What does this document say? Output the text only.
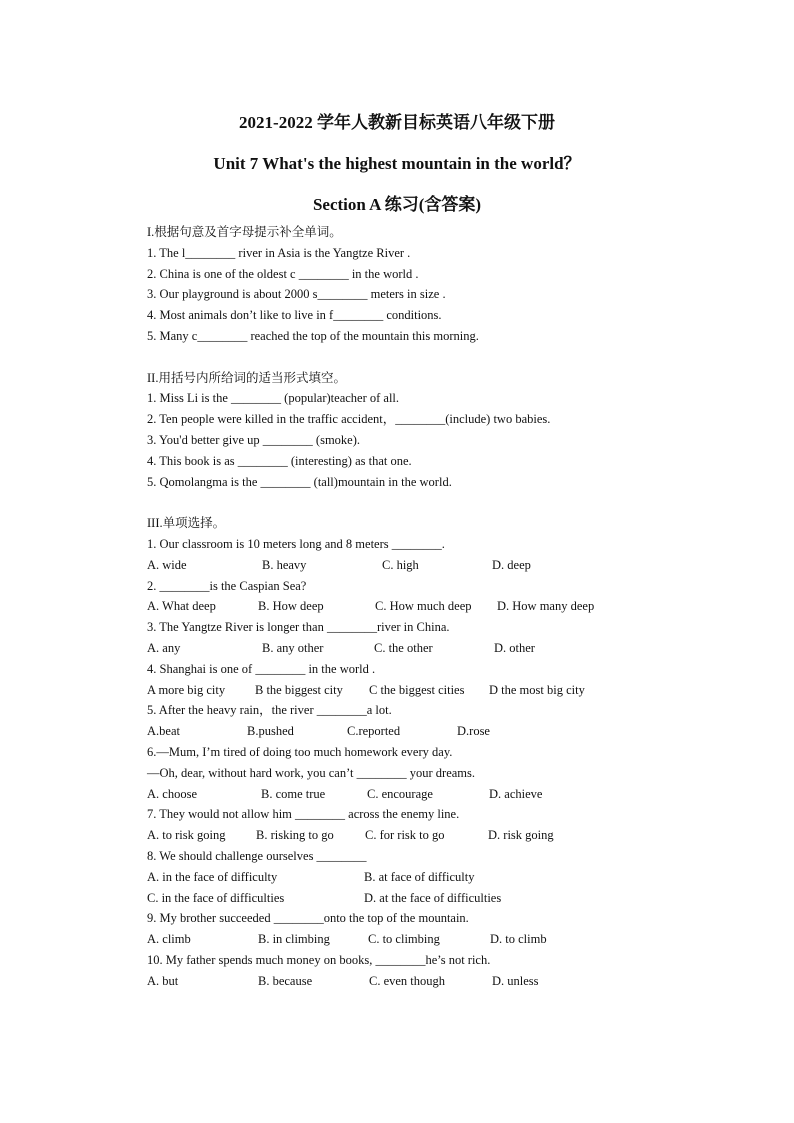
2021-2022 学年人教新目标英语八年级下册
Unit 7 What's the highest mountain in the world？
Section A 练习(含答案)
I.根据句意及首字母提示补全单词。
1. The l________ river in Asia is the Yangtze River .
2. China is one of the oldest c ________ in the world .
3. Our playground is about 2000 s________ meters in size .
4. Most animals don’t like to live in f________ conditions.
5. Many c________ reached the top of the mountain this morning.
II.用括号内所给词的适当形式填空。
1. Miss Li is the ________ (popular)teacher of all.
2. Ten people were killed in the traffic accident，________(include) two babies.
3. You'd better give up ________ (smoke).
4. This book is as ________ (interesting) as that one.
5. Qomolangma is the ________ (tall)mountain in the world.
III.单项选择。
1. Our classroom is 10 meters long and 8 meters ________.
A. wide	B. heavy	C. high	D. deep
2. ________is the Caspian Sea?
A. What deep	B. How deep	C. How much deep D. How many deep
3. The Yangtze River is longer than ________river in China.
A. any	B. any other	C. the other	D. other
4. Shanghai is one of ________ in the world .
A more big city B the biggest city C the biggest cities D the most big city
5. After the heavy rain，the river ________a lot.
A.beat	B.pushed	C.reported	D.rose
6.—Mum, I’m tired of doing too much homework every day.
—Oh, dear, without hard work, you can’t ________ your dreams.
A. choose	B. come true	C. encourage	D. achieve
7. They would not allow him ________ across the enemy line.
A. to risk going B. risking to go C. for risk to go	D. risk going
8. We should challenge ourselves ________
A. in the face of difficulty	B. at face of difficulty
C. in the face of difficulties	D. at the face of difficulties
9. My brother succeeded ________onto the top of the mountain.
A. climb	B. in climbing	C. to climbing	D. to climb
10. My father spends much money on books, ________he’s not rich.
A. but	B. because	C. even though	D. unless
